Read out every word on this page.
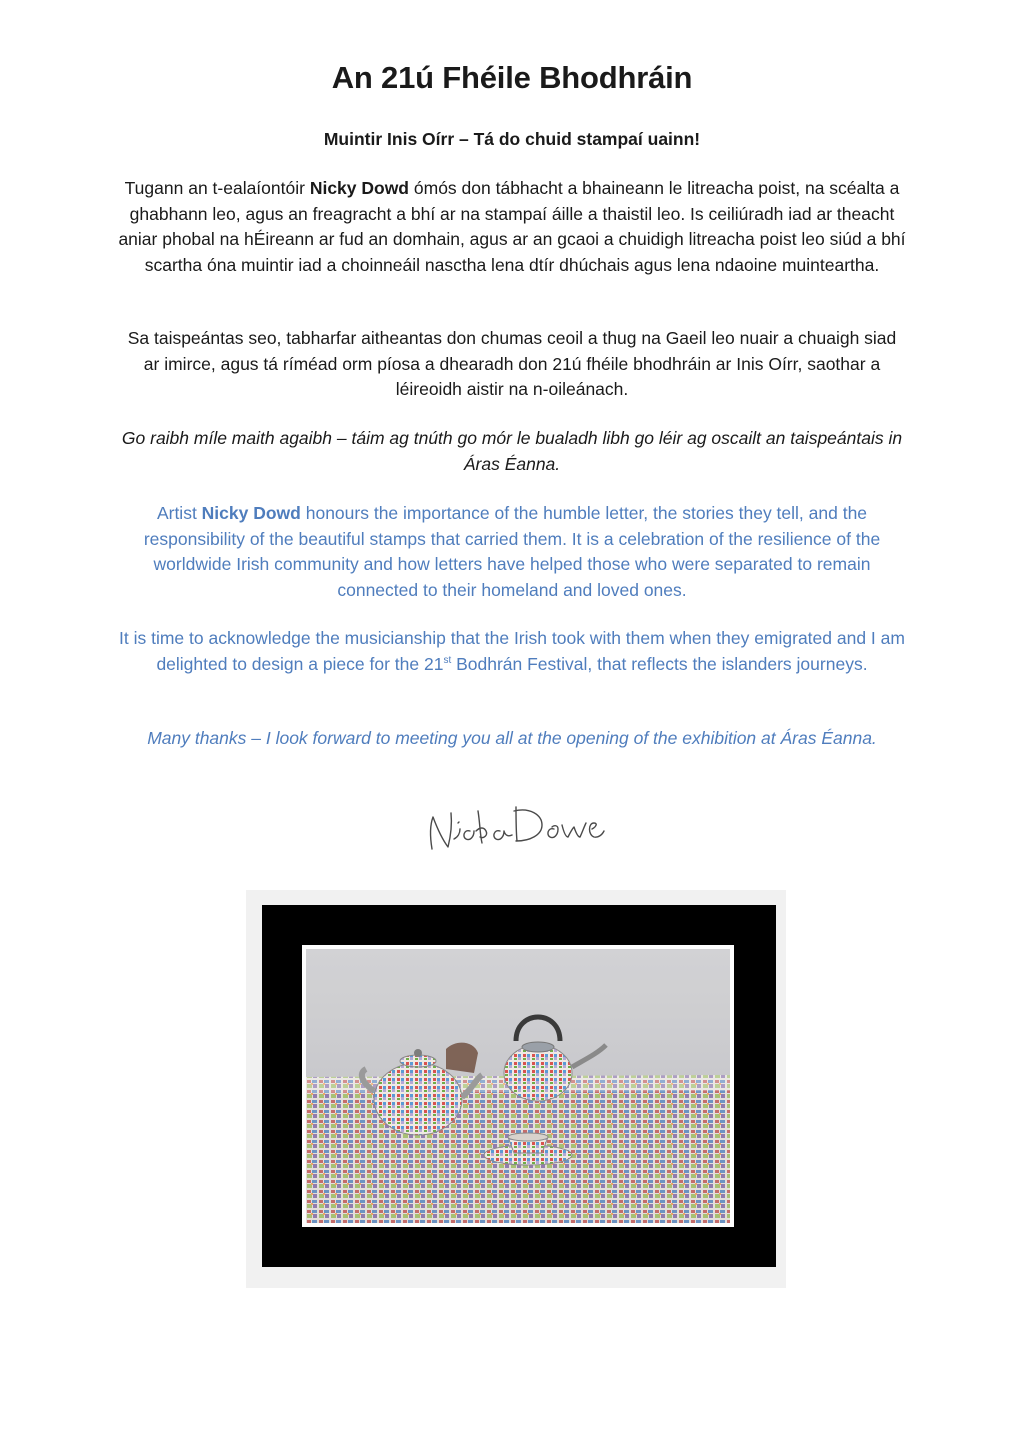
An 21ú Fhéile Bhodhráin
Muintir Inis Oírr – Tá do chuid stampaí uainn!

Tugann an t-ealaíontóir Nicky Dowd ómós don tábhacht a bhaineann le litreacha poist, na scéalta a ghabhann leo, agus an freagracht a bhí ar na stampaí áille a thaistil leo. Is ceiliúradh iad ar theacht aniar phobal na hÉireann ar fud an domhain, agus ar an gcaoi a chuidigh litreacha poist leo siúd a bhí scartha óna muintir iad a choinneáil nasctha lena dtír dhúchais agus lena ndaoine muinteartha.

Sa taispeántas seo, tabharfar aitheantas don chumas ceoil a thug na Gaeil leo nuair a chuaigh siad ar imirce, agus tá ríméad orm píosa a dhearadh don 21ú fhéile bhodhráin ar Inis Oírr, saothar a léireoidh aistir na n-oileánach.

Go raibh míle maith agaibh – táim ag tnúth go mór le bualadh libh go léir ag oscailt an taispeántais in Áras Éanna.

Artist Nicky Dowd honours the importance of the humble letter, the stories they tell, and the responsibility of the beautiful stamps that carried them. It is a celebration of the resilience of the worldwide Irish community and how letters have helped those who were separated to remain connected to their homeland and loved ones.

It is time to acknowledge the musicianship that the Irish took with them when they emigrated and I am delighted to design a piece for the 21st Bodhrán Festival, that reflects the islanders journeys.

Many thanks – I look forward to meeting you all at the opening of the exhibition at Áras Éanna.
